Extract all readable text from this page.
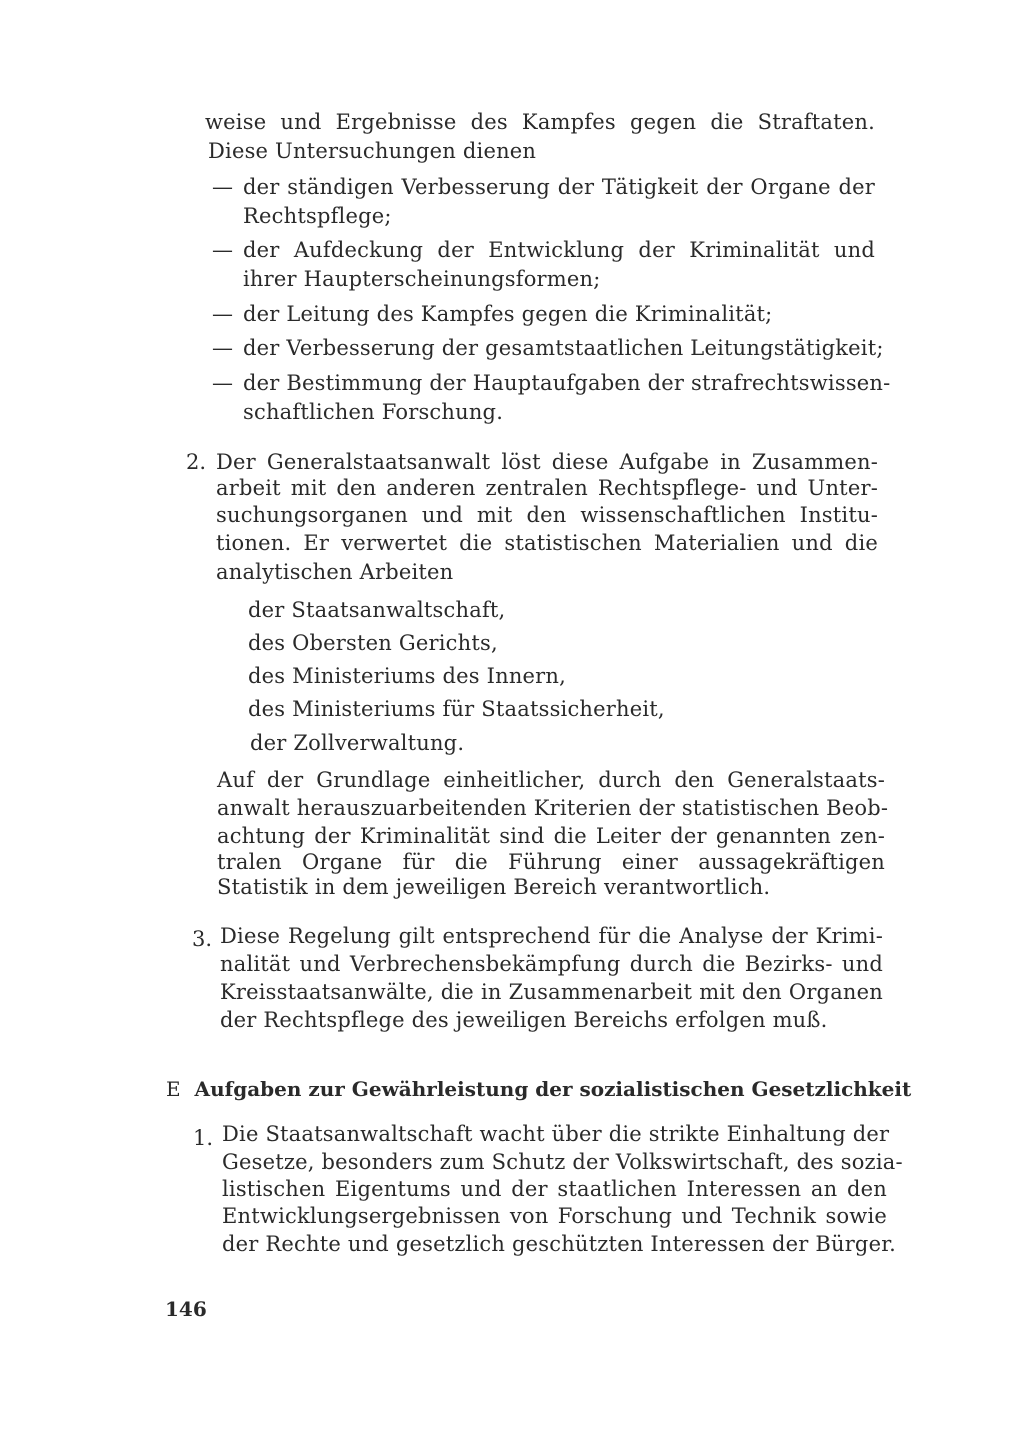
weise und Ergebnisse des Kampfes gegen die Straftaten.
Diese Untersuchungen dienen
— der ständigen Verbesserung der Tätigkeit der Organe der
Rechtspflege;
— der Aufdeckung der Entwicklung der Kriminalität und
ihrer Haupterscheinungsformen;
— der Leitung des Kampfes gegen die Kriminalität;
— der Verbesserung der gesamtstaatlichen Leitungstätigkeit;
— der Bestimmung der Hauptaufgaben der strafrechtswissen-
schaftlichen Forschung.
2. Der Generalstaatsanwalt löst diese Aufgabe in Zusammen-
arbeit mit den anderen zentralen Rechtspflege- und Unter-
suchungsorganen und mit den wissenschaftlichen Institu-
tionen. Er verwertet die statistischen Materialien und die
analytischen Arbeiten
der Staatsanwaltschaft,
des Obersten Gerichts,
des Ministeriums des Innern,
des Ministeriums für Staatssicherheit,
der Zollverwaltung.
Auf der Grundlage einheitlicher, durch den Generalstaats-
anwalt herauszuarbeitenden Kriterien der statistischen Beob-
achtung der Kriminalität sind die Leiter der genannten zen-
tralen Organe für die Führung einer aussagekräftigen
Statistik in dem jeweiligen Bereich verantwortlich.
3. Diese Regelung gilt entsprechend für die Analyse der Krimi-
nalität und Verbrechensbekämpfung durch die Bezirks- und
Kreisstaatsanwälte, die in Zusammenarbeit mit den Organen
der Rechtspflege des jeweiligen Bereichs erfolgen muß.
E Aufgaben zur Gewährleistung der sozialistischen Gesetzlichkeit
1. Die Staatsanwaltschaft wacht über die strikte Einhaltung der
Gesetze, besonders zum Schutz der Volkswirtschaft, des sozia-
listischen Eigentums und der staatlichen Interessen an den
Entwicklungsergebnissen von Forschung und Technik sowie
der Rechte und gesetzlich geschützten Interessen der Bürger.
146
